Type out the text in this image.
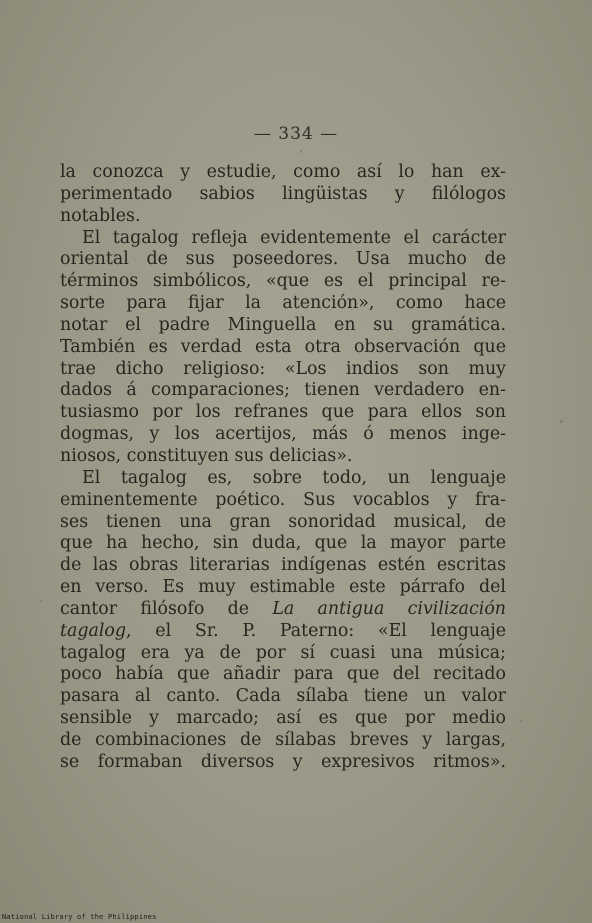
— 334 —
la conozca y estudie, como así lo han ex-
perimentado sabios lingüistas y filólogos
notables.
El tagalog refleja evidentemente el carácter
oriental de sus poseedores. Usa mucho de
términos simbólicos, «que es el principal re-
sorte para fijar la atención», como hace
notar el padre Minguella en su gramática.
También es verdad esta otra observación que
trae dicho religioso: «Los indios son muy
dados á comparaciones; tienen verdadero en-
tusiasmo por los refranes que para ellos son
dogmas, y los acertijos, más ó menos inge-
niosos, constituyen sus delicias».
El tagalog es, sobre todo, un lenguaje
eminentemente poético. Sus vocablos y fra-
ses tienen una gran sonoridad musical, de
que ha hecho, sin duda, que la mayor parte
de las obras literarias indígenas estén escritas
en verso. Es muy estimable este párrafo del
cantor filósofo de La antigua civilización
tagalog, el Sr. P. Paterno: «El lenguaje
tagalog era ya de por sí cuasi una música;
poco había que añadir para que del recitado
pasara al canto. Cada sílaba tiene un valor
sensible y marcado; así es que por medio
de combinaciones de sílabas breves y largas,
se formaban diversos y expresivos ritmos».
National Library of the Philippines
